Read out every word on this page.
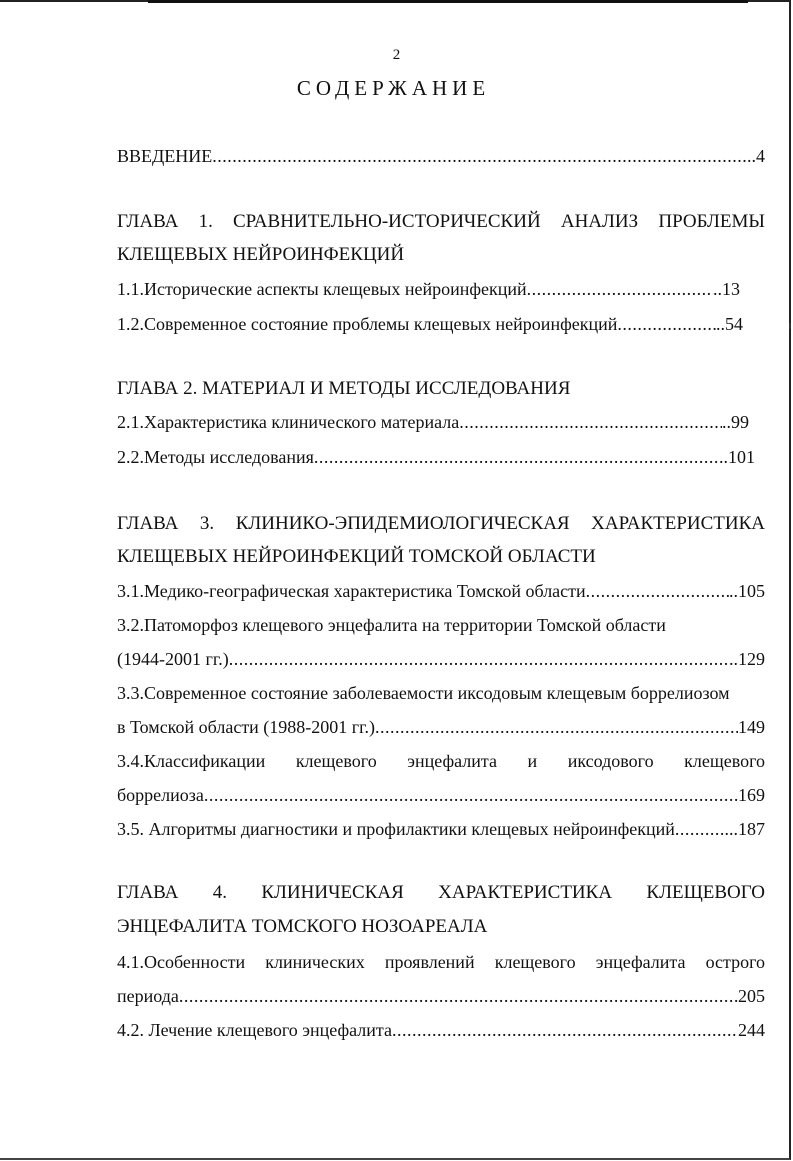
2
СОДЕРЖАНИЕ
ВВЕДЕНИЕ .....	..4
ГЛАВА 1. СРАВНИТЕЛЬНО-ИСТОРИЧЕСКИЙ АНАЛИЗ ПРОБЛЕМЫ
КЛЕЩЕВЫХ НЕЙРОИНФЕКЦИЙ
1.1.Исторические аспекты клещевых нейроинфекций .....	..13
1.2.Современное состояние проблемы клещевых нейроинфекций .....	..54
ГЛАВА 2. МАТЕРИАЛ И МЕТОДЫ ИССЛЕДОВАНИЯ
2.1.Характеристика клинического материала .....	..99
2.2.Методы исследования .....	..101
ГЛАВА 3. КЛИНИКО-ЭПИДЕМИОЛОГИЧЕСКАЯ ХАРАКТЕРИСТИКА
КЛЕЩЕВЫХ НЕЙРОИНФЕКЦИЙ ТОМСКОЙ ОБЛАСТИ
3.1.Медико-географическая характеристика Томской области .....	..105
3.2.Патоморфоз клещевого энцефалита на территории Томской области
(1944-2001 гг.) .....	..129
3.3.Современное состояние заболеваемости иксодовым клещевым боррелиозом
в Томской области (1988-2001 гг.) .....	149
3.4.Классификации клещевого энцефалита и иксодового клещевого
боррелиоза .....	169
3.5. Алгоритмы диагностики и профилактики клещевых нейроинфекций .....	...187
ГЛАВА 4. КЛИНИЧЕСКАЯ ХАРАКТЕРИСТИКА КЛЕЩЕВОГО
ЭНЦЕФАЛИТА ТОМСКОГО НОЗОАРЕАЛА
4.1.Особенности клинических проявлений клещевого энцефалита острого
периода .....	205
4.2. Лечение клещевого энцефалита .....	244
